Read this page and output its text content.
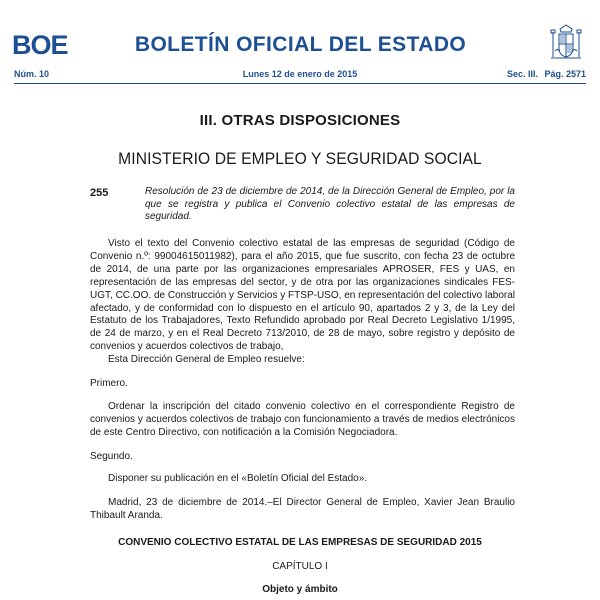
BOE	BOLETÍN OFICIAL DEL ESTADO
Núm. 10	Lunes 12 de enero de 2015	Sec. III. Pág. 2571
III. OTRAS DISPOSICIONES
MINISTERIO DE EMPLEO Y SEGURIDAD SOCIAL
255	Resolución de 23 de diciembre de 2014, de la Dirección General de Empleo, por la que se registra y publica el Convenio colectivo estatal de las empresas de seguridad.
Visto el texto del Convenio colectivo estatal de las empresas de seguridad (Código de Convenio n.º: 99004615011982), para el año 2015, que fue suscrito, con fecha 23 de octubre de 2014, de una parte por las organizaciones empresariales APROSER, FES y UAS, en representación de las empresas del sector, y de otra por las organizaciones sindicales FES-UGT, CC.OO. de Construcción y Servicios y FTSP-USO, en representación del colectivo laboral afectado, y de conformidad con lo dispuesto en el artículo 90, apartados 2 y 3, de la Ley del Estatuto de los Trabajadores, Texto Refundido aprobado por Real Decreto Legislativo 1/1995, de 24 de marzo, y en el Real Decreto 713/2010, de 28 de mayo, sobre registro y depósito de convenios y acuerdos colectivos de trabajo,
Esta Dirección General de Empleo resuelve:
Primero.
Ordenar la inscripción del citado convenio colectivo en el correspondiente Registro de convenios y acuerdos colectivos de trabajo con funcionamiento a través de medios electrónicos de este Centro Directivo, con notificación a la Comisión Negociadora.
Segundo.
Disponer su publicación en el «Boletín Oficial del Estado».
Madrid, 23 de diciembre de 2014.–El Director General de Empleo, Xavier Jean Braulio Thibault Aranda.
CONVENIO COLECTIVO ESTATAL DE LAS EMPRESAS DE SEGURIDAD 2015
CAPÍTULO I
Objeto y ámbito
